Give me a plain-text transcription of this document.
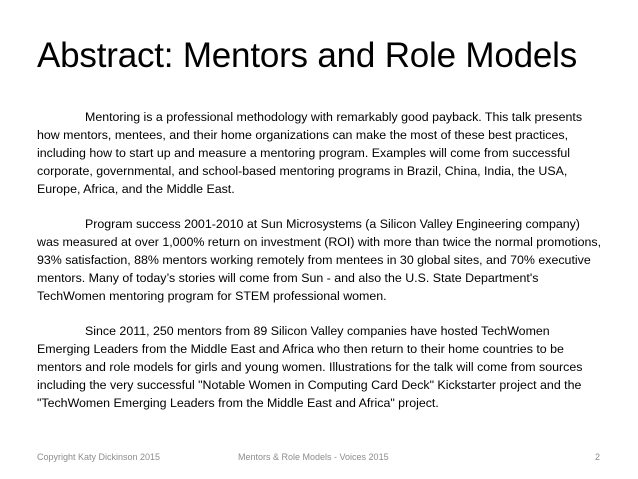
Abstract: Mentors and Role Models

Mentoring is a professional methodology with remarkably good payback. This talk presents how mentors, mentees, and their home organizations can make the most of these best practices, including how to start up and measure a mentoring program. Examples will come from successful corporate, governmental, and school-based mentoring programs in Brazil, China, India, the USA, Europe, Africa, and the Middle East.

Program success 2001-2010 at Sun Microsystems (a Silicon Valley Engineering company) was measured at over 1,000% return on investment (ROI) with more than twice the normal promotions, 93% satisfaction, 88% mentors working remotely from mentees in 30 global sites, and 70% executive mentors. Many of today’s stories will come from Sun - and also the U.S. State Department's TechWomen mentoring program for STEM professional women.

Since 2011, 250 mentors from 89 Silicon Valley companies have hosted TechWomen Emerging Leaders from the Middle East and Africa who then return to their home countries to be mentors and role models for girls and young women. Illustrations for the talk will come from sources including the very successful "Notable Women in Computing Card Deck" Kickstarter project and the "TechWomen Emerging Leaders from the Middle East and Africa" project.

Copyright Katy Dickinson 2015	Mentors & Role Models - Voices 2015	2
